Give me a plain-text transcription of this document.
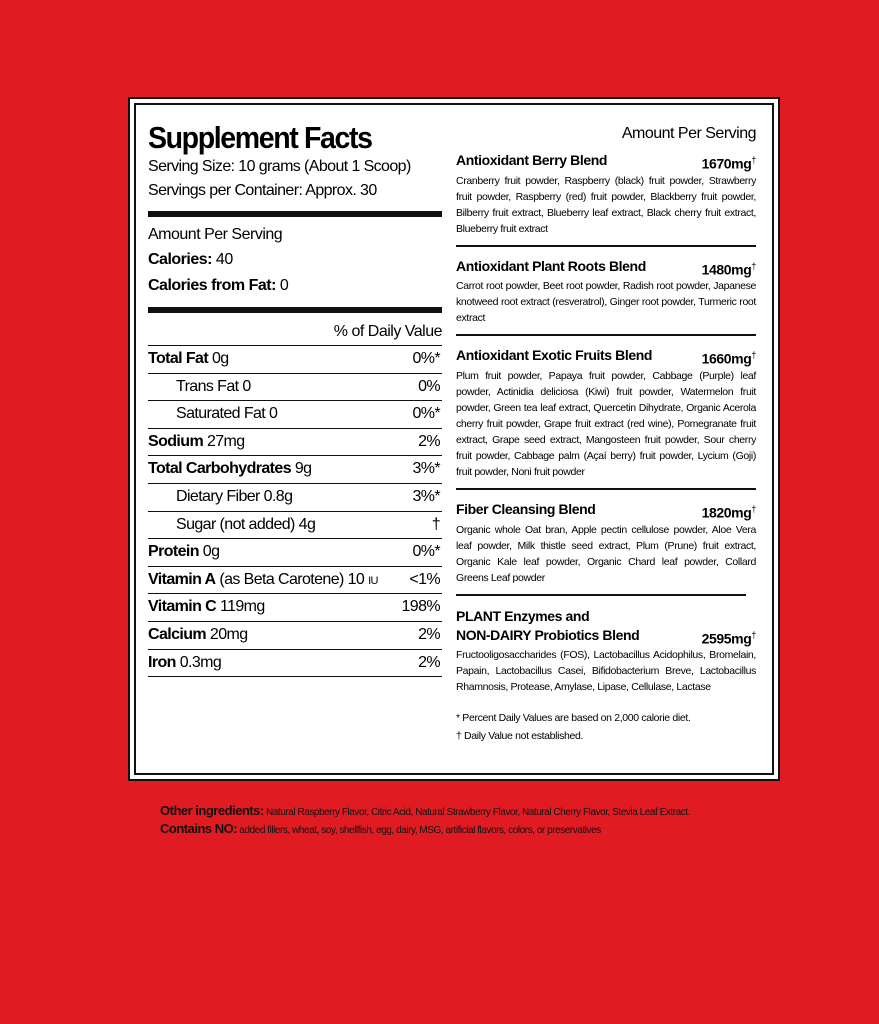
Supplement Facts
Serving Size: 10 grams (About 1 Scoop)
Servings per Container: Approx. 30
Amount Per Serving
Calories: 40
Calories from Fat: 0
% of Daily Value
Total Fat 0g	0%*
Trans Fat 0	0%
Saturated Fat 0	0%*
Sodium 27mg	2%
Total Carbohydrates 9g	3%*
Dietary Fiber 0.8g	3%*
Sugar (not added) 4g	†
Protein 0g	0%*
Vitamin A (as Beta Carotene) 10 IU <1%
Vitamin C 119mg	198%
Calcium 20mg	2%
Iron 0.3mg	2%
Amount Per Serving
Antioxidant Berry Blend	1670mg†
Cranberry fruit powder, Raspberry (black) fruit powder, Strawberry fruit powder, Raspberry (red) fruit powder, Blackberry fruit powder, Bilberry fruit extract, Blueberry leaf extract, Black cherry fruit extract, Blueberry fruit extract
Antioxidant Plant Roots Blend	1480mg†
Carrot root powder, Beet root powder, Radish root powder, Japanese knotweed root extract (resveratrol), Ginger root powder, Turmeric root extract
Antioxidant Exotic Fruits Blend	1660mg†
Plum fruit powder, Papaya fruit powder, Cabbage (Purple) leaf powder, Actinidia deliciosa (Kiwi) fruit powder, Watermelon fruit powder, Green tea leaf extract, Quercetin Dihydrate, Organic Acerola cherry fruit powder, Grape fruit extract (red wine), Pomegranate fruit extract, Grape seed extract, Mangosteen fruit powder, Sour cherry fruit powder, Cabbage palm (Açaí berry) fruit powder, Lycium (Goji) fruit powder, Noni fruit powder
Fiber Cleansing Blend	1820mg†
Organic whole Oat bran, Apple pectin cellulose powder, Aloe Vera leaf powder, Milk thistle seed extract, Plum (Prune) fruit extract, Organic Kale leaf powder, Organic Chard leaf powder, Collard Greens Leaf powder
PLANT Enzymes and
NON-DAIRY Probiotics Blend	2595mg†
Fructooligosaccharides (FOS), Lactobacillus Acidophilus, Bromelain, Papain, Lactobacillus Casei, Bifidobacterium Breve, Lactobacillus Rhamnosis, Protease, Amylase, Lipase, Cellulase, Lactase
* Percent Daily Values are based on 2,000 calorie diet.
† Daily Value not established.
Other ingredients: Natural Raspberry Flavor, Citric Acid, Natural Strawberry Flavor, Natural Cherry Flavor, Stevia Leaf Extract.
Contains NO: added fillers, wheat, soy, shellfish, egg, dairy, MSG, artificial flavors, colors, or preservatives
